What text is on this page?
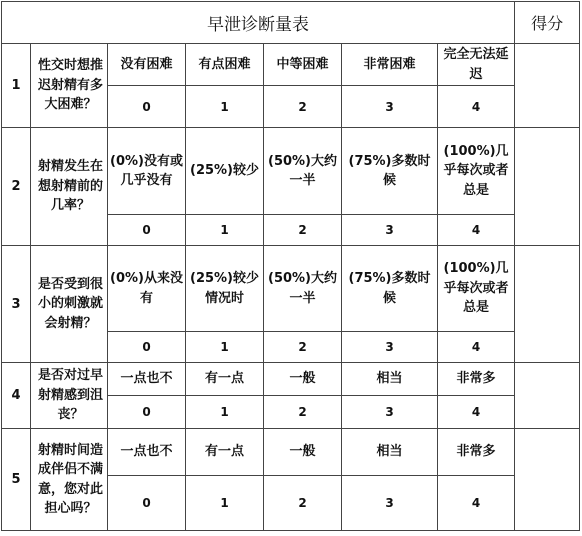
早泄诊断量表							得分
1	性交时想推迟射精有多大困难？	没有困难	有点困难	中等困难	非常困难	完全无法延迟	
		0	1	2	3	4	
2	射精发生在想射精前的几率？	(0%)没有或几乎没有	(25%)较少	(50%)大约一半	(75%)多数时候	(100%)几乎每次或者总是	
		0	1	2	3	4	
3	是否受到很小的刺激就会射精？	(0%)从来没有	(25%)较少情况时	(50%)大约一半	(75%)多数时候	(100%)几乎每次或者总是	
		0	1	2	3	4	
4	是否对过早射精感到沮丧？	一点也不	有一点	一般	相当	非常多	
		0	1	2	3	4	
5	射精时间造成伴侣不满意，您对此担心吗？	一点也不	有一点	一般	相当	非常多	
		0	1	2	3	4	
